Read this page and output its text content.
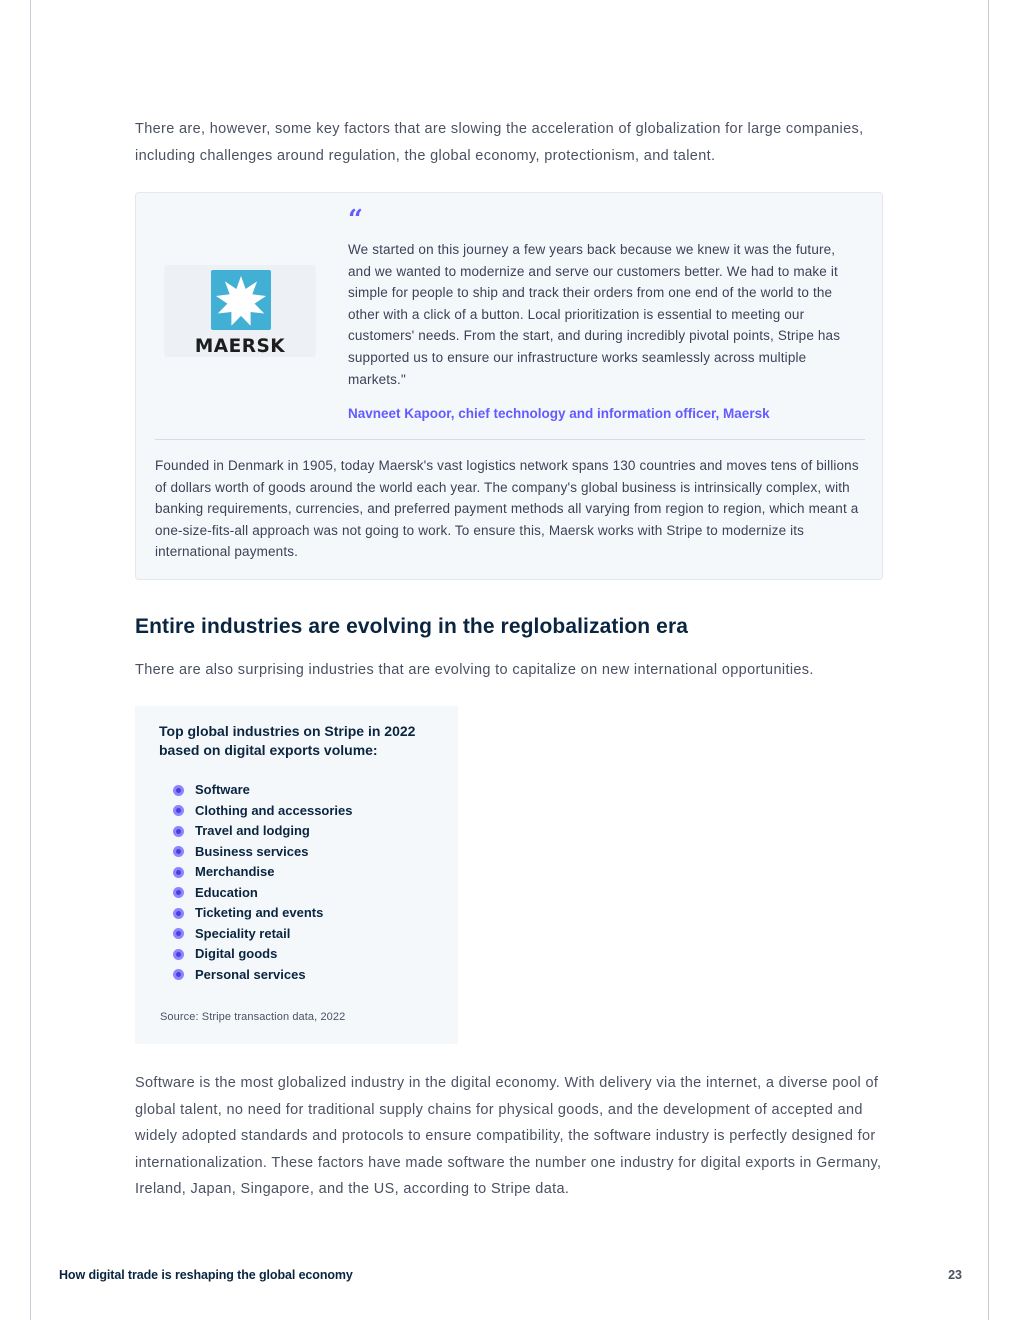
There are, however, some key factors that are slowing the acceleration of globalization for large companies, including challenges around regulation, the global economy, protectionism, and talent.

MAERSK
“

We started on this journey a few years back because we knew it was the future, and we wanted to modernize and serve our customers better. We had to make it simple for people to ship and track their orders from one end of the world to the other with a click of a button. Local prioritization is essential to meeting our customers' needs. From the start, and during incredibly pivotal points, Stripe has supported us to ensure our infrastructure works seamlessly across multiple markets."

Navneet Kapoor, chief technology and information officer, Maersk

Founded in Denmark in 1905, today Maersk's vast logistics network spans 130 countries and moves tens of billions of dollars worth of goods around the world each year. The company's global business is intrinsically complex, with banking requirements, currencies, and preferred payment methods all varying from region to region, which meant a one-size-fits-all approach was not going to work. To ensure this, Maersk works with Stripe to modernize its international payments.

Entire industries are evolving in the reglobalization era

There are also surprising industries that are evolving to capitalize on new international opportunities.

Top global industries on Stripe in 2022 based on digital exports volume:

Software
Clothing and accessories
Travel and lodging
Business services
Merchandise
Education
Ticketing and events
Speciality retail
Digital goods
Personal services

Source: Stripe transaction data, 2022

Software is the most globalized industry in the digital economy. With delivery via the internet, a diverse pool of global talent, no need for traditional supply chains for physical goods, and the development of accepted and widely adopted standards and protocols to ensure compatibility, the software industry is perfectly designed for internationalization. These factors have made software the number one industry for digital exports in Germany, Ireland, Japan, Singapore, and the US, according to Stripe data.

How digital trade is reshaping the global economy	23
